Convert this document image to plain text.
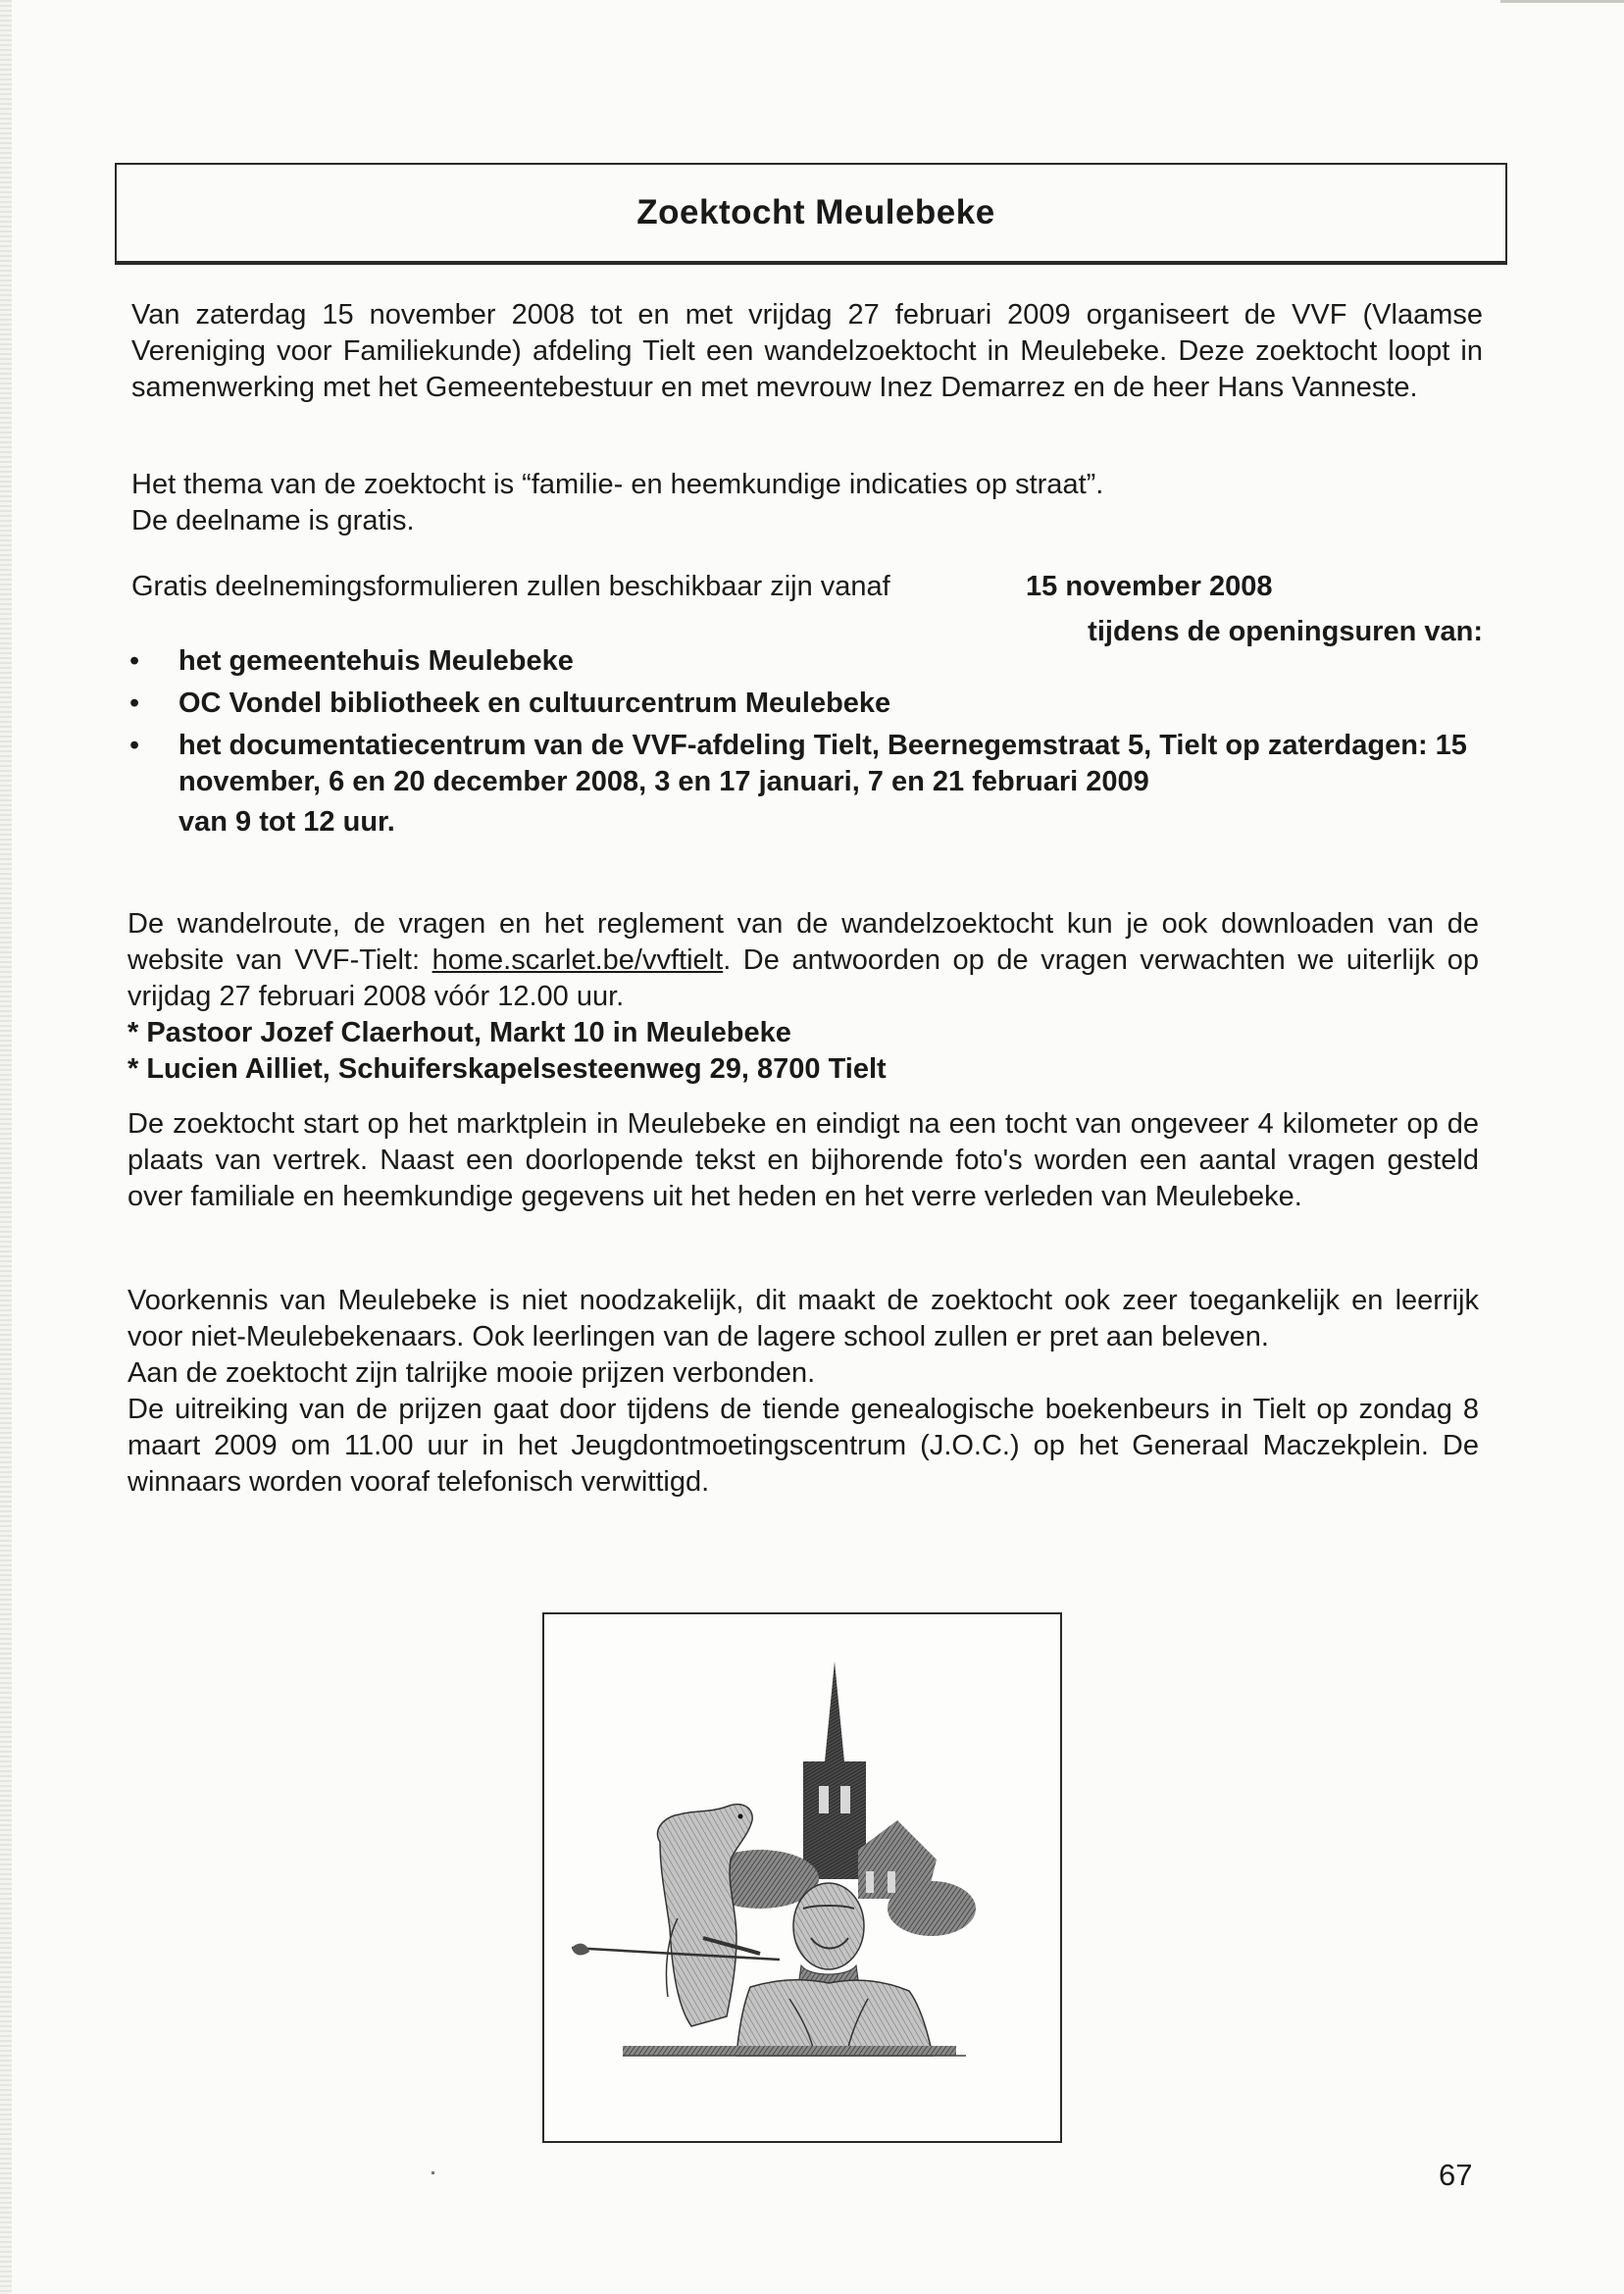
Zoektocht Meulebeke
Van zaterdag 15 november 2008 tot en met vrijdag 27 februari 2009 organiseert de VVF (Vlaamse Vereniging voor Familiekunde) afdeling Tielt een wandelzoektocht in Meulebeke. Deze zoektocht loopt in samenwerking met het Gemeentebestuur en met mevrouw Inez Demarrez en de heer Hans Vanneste.
Het thema van de zoektocht is “familie- en heemkundige indicaties op straat”.
De deelname is gratis.
Gratis deelnemingsformulieren zullen beschikbaar zijn vanaf	15 november 2008
tijdens de openingsuren van:
• het gemeentehuis Meulebeke
• OC Vondel bibliotheek en cultuurcentrum Meulebeke
• het documentatiecentrum van de VVF-afdeling Tielt, Beernegemstraat 5, Tielt op zaterdagen: 15 november, 6 en 20 december 2008, 3 en 17 januari, 7 en 21 februari 2009
van 9 tot 12 uur.
De wandelroute, de vragen en het reglement van de wandelzoektocht kun je ook downloaden van de website van VVF-Tielt: home.scarlet.be/vvftielt. De antwoorden op de vragen verwachten we uiterlijk op vrijdag 27 februari 2008 vóór 12.00 uur.
* Pastoor Jozef Claerhout, Markt 10 in Meulebeke
* Lucien Ailliet, Schuiferskapelsesteenweg 29, 8700 Tielt
De zoektocht start op het marktplein in Meulebeke en eindigt na een tocht van ongeveer 4 kilometer op de plaats van vertrek. Naast een doorlopende tekst en bijhorende foto's worden een aantal vragen gesteld over familiale en heemkundige gegevens uit het heden en het verre verleden van Meulebeke.
Voorkennis van Meulebeke is niet noodzakelijk, dit maakt de zoektocht ook zeer toegankelijk en leerrijk voor niet-Meulebekenaars. Ook leerlingen van de lagere school zullen er pret aan beleven.
Aan de zoektocht zijn talrijke mooie prijzen verbonden.
De uitreiking van de prijzen gaat door tijdens de tiende genealogische boekenbeurs in Tielt op zondag 8 maart 2009 om 11.00 uur in het Jeugdontmoetingscentrum (J.O.C.) op het Generaal Maczekplein. De winnaars worden vooraf telefonisch verwittigd.
67
